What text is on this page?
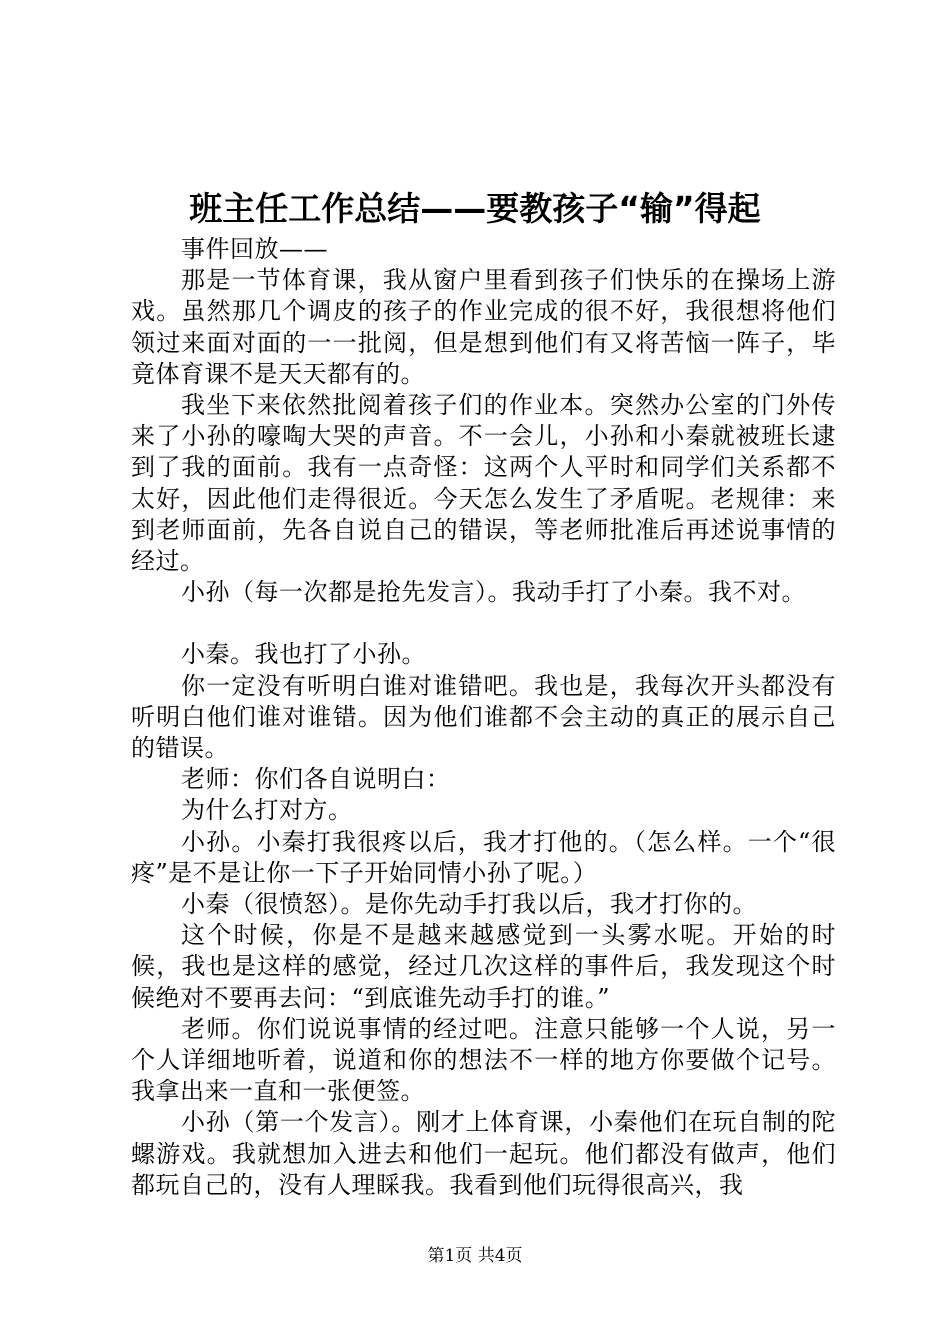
班主任工作总结——要教孩子“输”得起

事件回放——

那是一节体育课，我从窗户里看到孩子们快乐的在操场上游戏。虽然那几个调皮的孩子的作业完成的很不好，我很想将他们领过来面对面的一一批阅，但是想到他们有又将苦恼一阵子，毕竟体育课不是天天都有的。

我坐下来依然批阅着孩子们的作业本。突然办公室的门外传来了小孙的嚎啕大哭的声音。不一会儿，小孙和小秦就被班长逮到了我的面前。我有一点奇怪：这两个人平时和同学们关系都不太好，因此他们走得很近。今天怎么发生了矛盾呢。老规律：来到老师面前，先各自说自己的错误，等老师批准后再述说事情的经过。

小孙（每一次都是抢先发言）。我动手打了小秦。我不对。

小秦。我也打了小孙。

你一定没有听明白谁对谁错吧。我也是，我每次开头都没有听明白他们谁对谁错。因为他们谁都不会主动的真正的展示自己的错误。

老师：你们各自说明白：

为什么打对方。

小孙。小秦打我很疼以后，我才打他的。（怎么样。一个“很疼”是不是让你一下子开始同情小孙了呢。）

小秦（很愤怒）。是你先动手打我以后，我才打你的。

这个时候，你是不是越来越感觉到一头雾水呢。开始的时候，我也是这样的感觉，经过几次这样的事件后，我发现这个时候绝对不要再去问：“到底谁先动手打的谁。”

老师。你们说说事情的经过吧。注意只能够一个人说，另一个人详细地听着，说道和你的想法不一样的地方你要做个记号。我拿出来一直和一张便签。

小孙（第一个发言）。刚才上体育课，小秦他们在玩自制的陀螺游戏。我就想加入进去和他们一起玩。他们都没有做声，他们都玩自己的，没有人理睬我。我看到他们玩得很高兴，我

第1页 共4页
